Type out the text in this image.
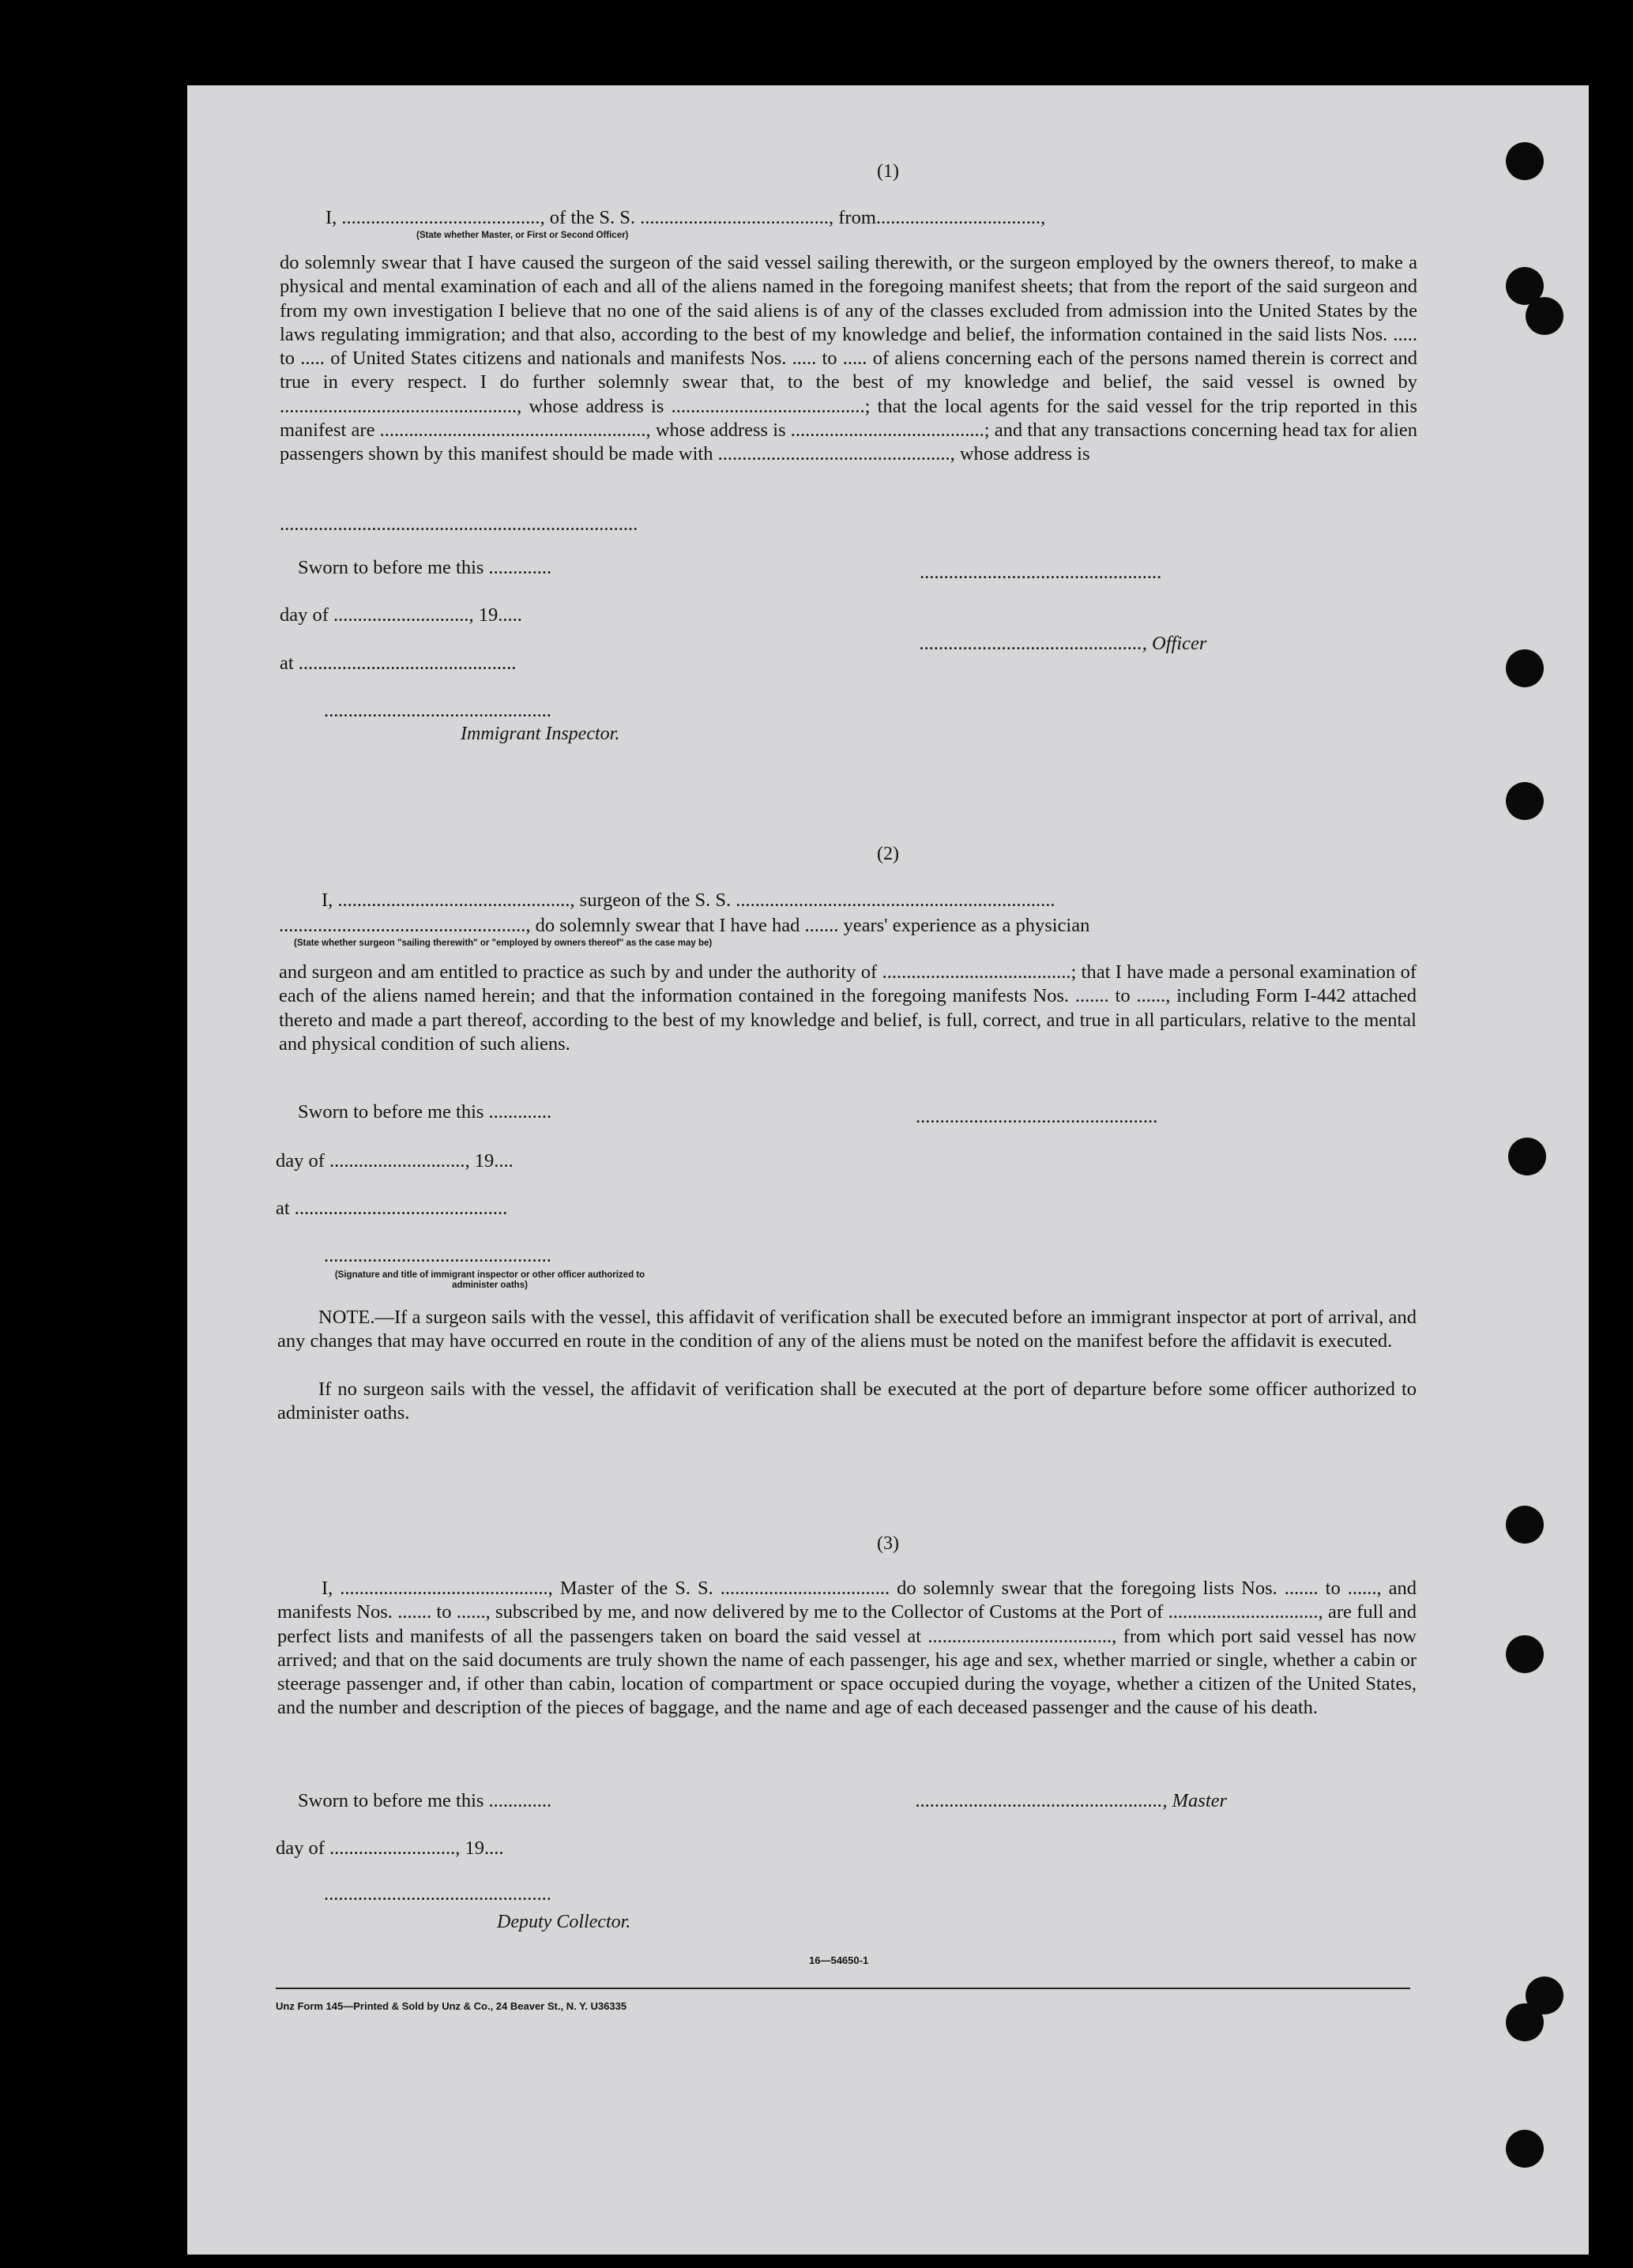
(1)
I, ........................................., of the S. S. ......................................., from..................................,
(State whether Master, or First or Second Officer)
do solemnly swear that I have caused the surgeon of the said vessel sailing therewith, or the surgeon employed by the owners thereof, to make a physical and mental examination of each and all of the aliens named in the foregoing manifest sheets; that from the report of the said surgeon and from my own investigation I believe that no one of the said aliens is of any of the classes excluded from admission into the United States by the laws regulating immigration; and that also, according to the best of my knowledge and belief, the information contained in the said lists Nos. ..... to ..... of United States citizens and nationals and manifests Nos. ..... to ..... of aliens concerning each of the persons named therein is correct and true in every respect. I do further solemnly swear that, to the best of my knowledge and belief, the said vessel is owned by ................................................., whose address is ........................................; that the local agents for the said vessel for the trip reported in this manifest are ......................................................., whose address is ........................................; and that any transactions concerning head tax for alien passengers shown by this manifest should be made with ................................................, whose address is
..........................................................................
Sworn to before me this .............	..................................................
day of ............................, 19.....
.............................................., Officer
at .............................................
...............................................
Immigrant Inspector.
(2)
I, ................................................, surgeon of the S. S. ..................................................................
..................................................., do solemnly swear that I have had ....... years' experience as a physician
(State whether surgeon "sailing therewith" or "employed by owners thereof" as the case may be)
and surgeon and am entitled to practice as such by and under the authority of .......................................; that I have made a personal examination of each of the aliens named herein; and that the information contained in the foregoing manifests Nos. ....... to ......, including Form I-442 attached thereto and made a part thereof, according to the best of my knowledge and belief, is full, correct, and true in all particulars, relative to the mental and physical condition of such aliens.
Sworn to before me this .............	..................................................
day of ............................, 19....
at ............................................
...............................................
(Signature and title of immigrant inspector or other officer authorized to administer oaths)
NOTE.—If a surgeon sails with the vessel, this affidavit of verification shall be executed before an immigrant inspector at port of arrival, and any changes that may have occurred en route in the condition of any of the aliens must be noted on the manifest before the affidavit is executed.
If no surgeon sails with the vessel, the affidavit of verification shall be executed at the port of departure before some officer authorized to administer oaths.
(3)
I, ..........................................., Master of the S. S. ................................... do solemnly swear that the foregoing lists Nos. ....... to ......, and manifests Nos. ....... to ......, subscribed by me, and now delivered by me to the Collector of Customs at the Port of ..............................., are full and perfect lists and manifests of all the passengers taken on board the said vessel at ......................................, from which port said vessel has now arrived; and that on the said documents are truly shown the name of each passenger, his age and sex, whether married or single, whether a cabin or steerage passenger and, if other than cabin, location of compartment or space occupied during the voyage, whether a citizen of the United States, and the number and description of the pieces of baggage, and the name and age of each deceased passenger and the cause of his death.
Sworn to before me this .............	..................................................., Master
day of .........................., 19....
...............................................
Deputy Collector.
16—54650-1
Unz Form 145—Printed & Sold by Unz & Co., 24 Beaver St., N. Y. U36335
